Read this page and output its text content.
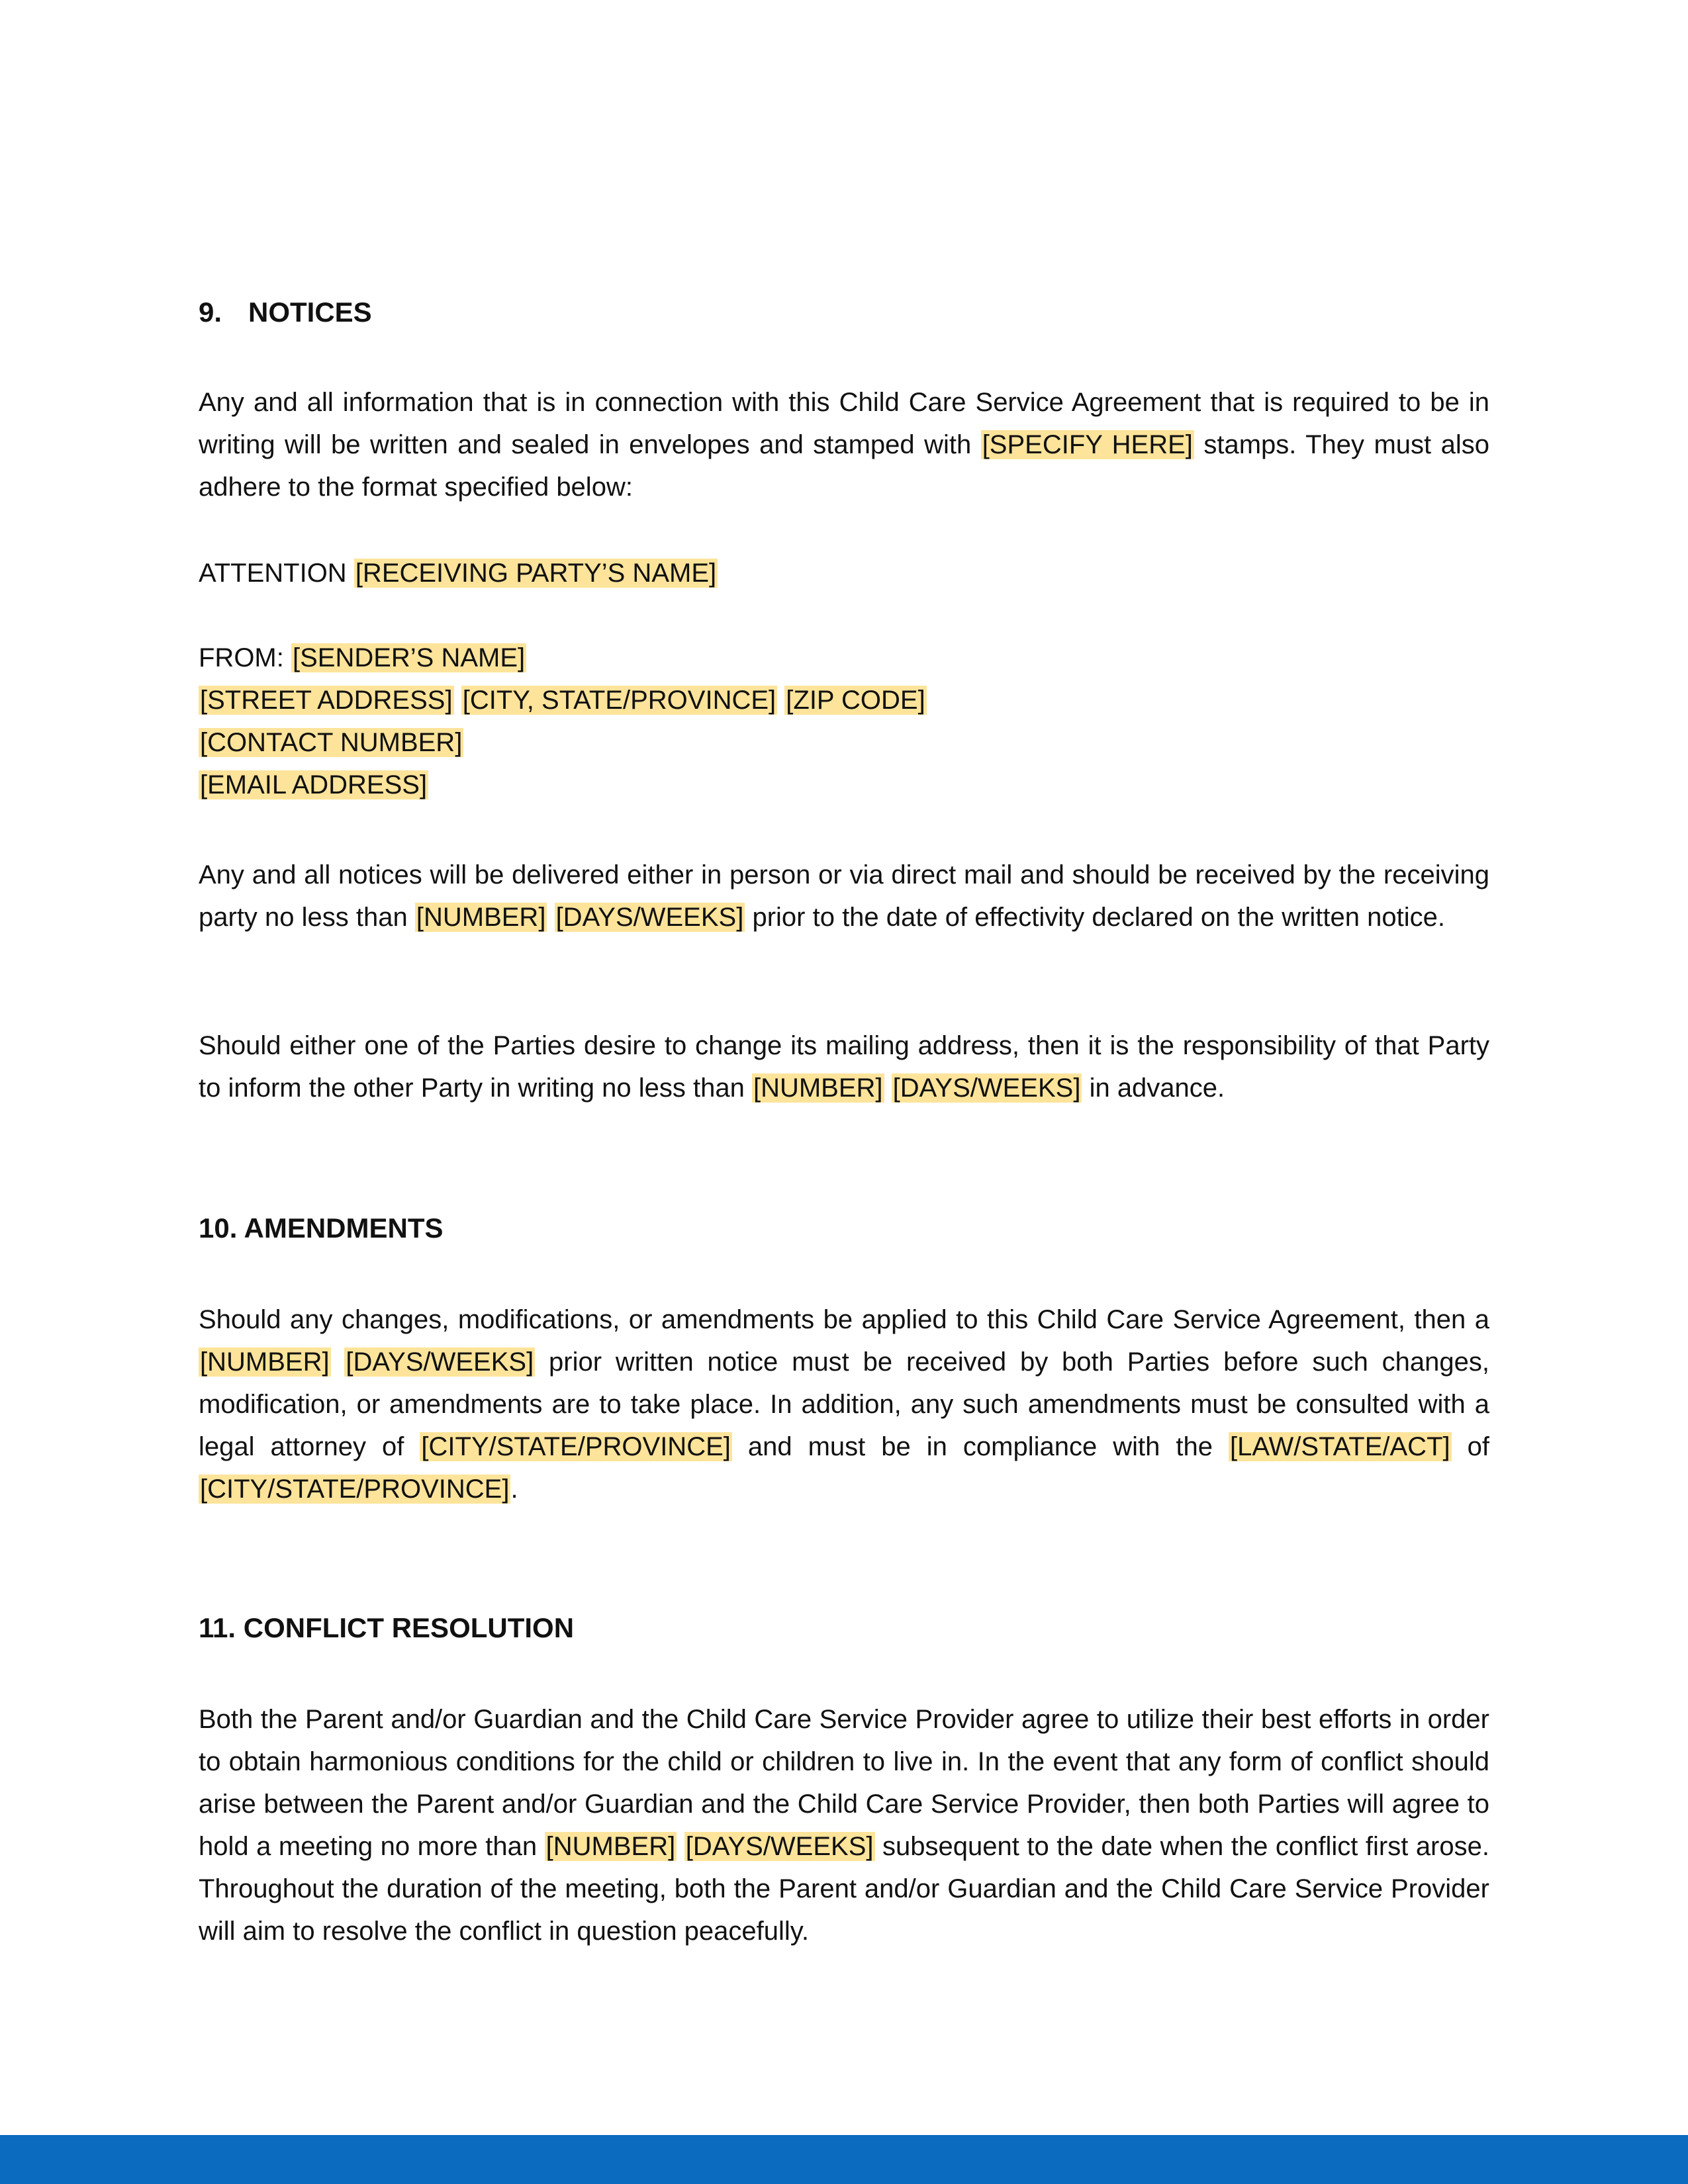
9. NOTICES
Any and all information that is in connection with this Child Care Service Agreement that is required to be in writing will be written and sealed in envelopes and stamped with [SPECIFY HERE] stamps. They must also adhere to the format specified below:
ATTENTION [RECEIVING PARTY’S NAME]
FROM: [SENDER’S NAME]
[STREET ADDRESS] [CITY, STATE/PROVINCE] [ZIP CODE]
[CONTACT NUMBER]
[EMAIL ADDRESS]
Any and all notices will be delivered either in person or via direct mail and should be received by the receiving party no less than [NUMBER] [DAYS/WEEKS] prior to the date of effectivity declared on the written notice.
Should either one of the Parties desire to change its mailing address, then it is the responsibility of that Party to inform the other Party in writing no less than [NUMBER] [DAYS/WEEKS] in advance.
10. AMENDMENTS
Should any changes, modifications, or amendments be applied to this Child Care Service Agreement, then a [NUMBER] [DAYS/WEEKS] prior written notice must be received by both Parties before such changes, modification, or amendments are to take place. In addition, any such amendments must be consulted with a legal attorney of [CITY/STATE/PROVINCE] and must be in compliance with the [LAW/STATE/ACT] of [CITY/STATE/PROVINCE].
11. CONFLICT RESOLUTION
Both the Parent and/or Guardian and the Child Care Service Provider agree to utilize their best efforts in order to obtain harmonious conditions for the child or children to live in. In the event that any form of conflict should arise between the Parent and/or Guardian and the Child Care Service Provider, then both Parties will agree to hold a meeting no more than [NUMBER] [DAYS/WEEKS] subsequent to the date when the conflict first arose. Throughout the duration of the meeting, both the Parent and/or Guardian and the Child Care Service Provider will aim to resolve the conflict in question peacefully.
